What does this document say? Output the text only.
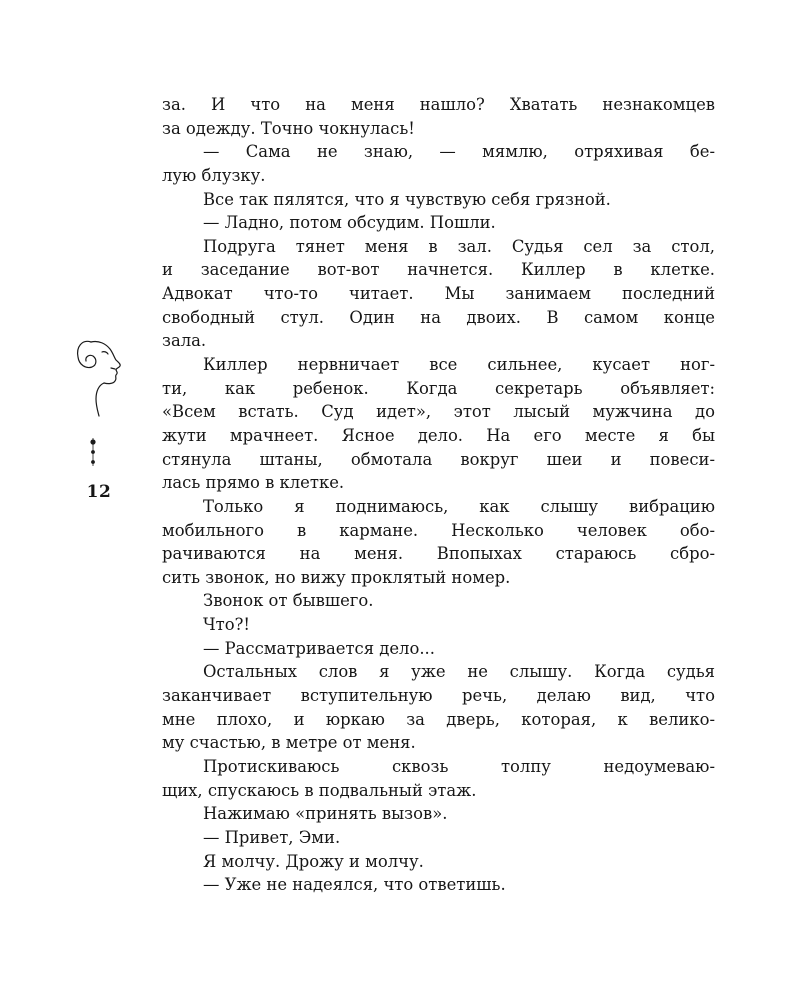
12
за. И что на меня нашло? Хватать незнакомцев
за одежду. Точно чокнулась!
— Сама не знаю, — мямлю, отряхивая бе-
лую блузку.
Все так пялятся, что я чувствую себя грязной.
— Ладно, потом обсудим. Пошли.
Подруга тянет меня в зал. Судья сел за стол,
и заседание вот-вот начнется. Киллер в клетке.
Адвокат что-то читает. Мы занимаем последний
свободный стул. Один на двоих. В самом конце
зала.
Киллер нервничает все сильнее, кусает ног-
ти, как ребенок. Когда секретарь объявляет:
«Всем встать. Суд идет», этот лысый мужчина до
жути мрачнеет. Ясное дело. На его месте я бы
стянула штаны, обмотала вокруг шеи и повеси-
лась прямо в клетке.
Только я поднимаюсь, как слышу вибрацию
мобильного в кармане. Несколько человек обо-
рачиваются на меня. Впопыхах стараюсь сбро-
сить звонок, но вижу проклятый номер.
Звонок от бывшего.
Что?!
— Рассматривается дело...
Остальных слов я уже не слышу. Когда судья
заканчивает вступительную речь, делаю вид, что
мне плохо, и юркаю за дверь, которая, к велико-
му счастью, в метре от меня.
Протискиваюсь сквозь толпу недоумеваю-
щих, спускаюсь в подвальный этаж.
Нажимаю «принять вызов».
— Привет, Эми.
Я молчу. Дрожу и молчу.
— Уже не надеялся, что ответишь.
